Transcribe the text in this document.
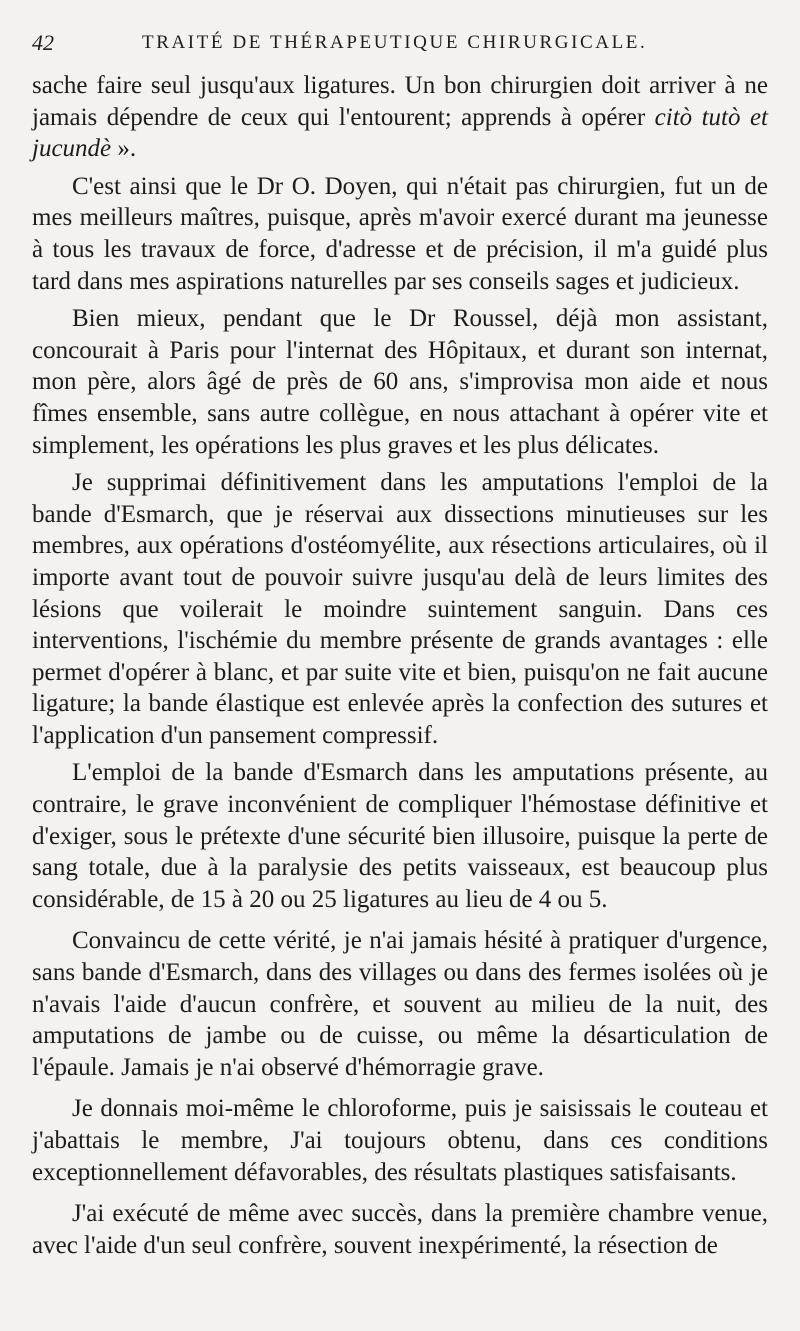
42	TRAITÉ DE THÉRAPEUTIQUE CHIRURGICALE.

sache faire seul jusqu'aux ligatures. Un bon chirurgien doit arriver à ne jamais dépendre de ceux qui l'entourent; apprends à opérer citò tutò et jucundè ».

C'est ainsi que le Dr O. Doyen, qui n'était pas chirurgien, fut un de mes meilleurs maîtres, puisque, après m'avoir exercé durant ma jeunesse à tous les travaux de force, d'adresse et de précision, il m'a guidé plus tard dans mes aspirations naturelles par ses conseils sages et judicieux.

Bien mieux, pendant que le Dr Roussel, déjà mon assistant, concourait à Paris pour l'internat des Hôpitaux, et durant son internat, mon père, alors âgé de près de 60 ans, s'improvisa mon aide et nous fîmes ensemble, sans autre collègue, en nous attachant à opérer vite et simplement, les opérations les plus graves et les plus délicates.

Je supprimai définitivement dans les amputations l'emploi de la bande d'Esmarch, que je réservai aux dissections minutieuses sur les membres, aux opérations d'ostéomyélite, aux résections articulaires, où il importe avant tout de pouvoir suivre jusqu'au delà de leurs limites des lésions que voilerait le moindre suintement sanguin. Dans ces interventions, l'ischémie du membre présente de grands avantages : elle permet d'opérer à blanc, et par suite vite et bien, puisqu'on ne fait aucune ligature; la bande élastique est enlevée après la confection des sutures et l'application d'un pansement compressif.

L'emploi de la bande d'Esmarch dans les amputations présente, au contraire, le grave inconvénient de compliquer l'hémostase définitive et d'exiger, sous le prétexte d'une sécurité bien illusoire, puisque la perte de sang totale, due à la paralysie des petits vaisseaux, est beaucoup plus considérable, de 15 à 20 ou 25 ligatures au lieu de 4 ou 5.

Convaincu de cette vérité, je n'ai jamais hésité à pratiquer d'urgence, sans bande d'Esmarch, dans des villages ou dans des fermes isolées où je n'avais l'aide d'aucun confrère, et souvent au milieu de la nuit, des amputations de jambe ou de cuisse, ou même la désarticulation de l'épaule. Jamais je n'ai observé d'hémorragie grave.

Je donnais moi-même le chloroforme, puis je saisissais le couteau et j'abattais le membre, J'ai toujours obtenu, dans ces conditions exceptionnellement défavorables, des résultats plastiques satisfaisants.

J'ai exécuté de même avec succès, dans la première chambre venue, avec l'aide d'un seul confrère, souvent inexpérimenté, la résection de
